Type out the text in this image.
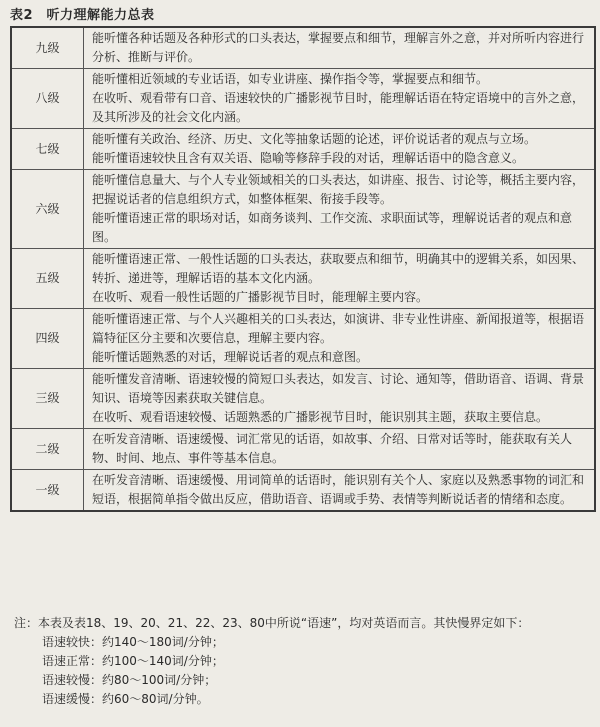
表2　听力理解能力总表
九级	能听懂各种话题及各种形式的口头表达，掌握要点和细节，理解言外之意，并对所听内容进行分析、推断与评价。

八级	能听懂相近领域的专业话语，如专业讲座、操作指令等，掌握要点和细节。

在收听、观看带有口音、语速较快的广播影视节目时，能理解话语在特定语境中的言外之意，及其所涉及的社会文化内涵。

七级	能听懂有关政治、经济、历史、文化等抽象话题的论述，评价说话者的观点与立场。

能听懂语速较快且含有双关语、隐喻等修辞手段的对话，理解话语中的隐含意义。

六级	能听懂信息量大、与个人专业领域相关的口头表达，如讲座、报告、讨论等，概括主要内容，把握说话者的信息组织方式，如整体框架、衔接手段等。

能听懂语速正常的职场对话，如商务谈判、工作交流、求职面试等，理解说话者的观点和意图。

五级	能听懂语速正常、一般性话题的口头表达，获取要点和细节，明确其中的逻辑关系，如因果、转折、递进等，理解话语的基本文化内涵。

在收听、观看一般性话题的广播影视节目时，能理解主要内容。

四级	能听懂语速正常、与个人兴趣相关的口头表达，如演讲、非专业性讲座、新闻报道等，根据语篇特征区分主要和次要信息，理解主要内容。

能听懂话题熟悉的对话，理解说话者的观点和意图。

三级	能听懂发音清晰、语速较慢的简短口头表达，如发言、讨论、通知等，借助语音、语调、背景知识、语境等因素获取关键信息。

在收听、观看语速较慢、话题熟悉的广播影视节目时，能识别其主题，获取主要信息。

二级	在听发音清晰、语速缓慢、词汇常见的话语，如故事、介绍、日常对话等时，能获取有关人物、时间、地点、事件等基本信息。

一级	在听发音清晰、语速缓慢、用词简单的话语时，能识别有关个人、家庭以及熟悉事物的词汇和短语，根据简单指令做出反应，借助语音、语调或手势、表情等判断说话者的情绪和态度。

注：本表及表18、19、20、21、22、23、80中所说“语速”，均对英语而言。其快慢界定如下：

语速较快：约140～180词/分钟；

语速正常：约100～140词/分钟；

语速较慢：约80～100词/分钟；

语速缓慢：约60～80词/分钟。
